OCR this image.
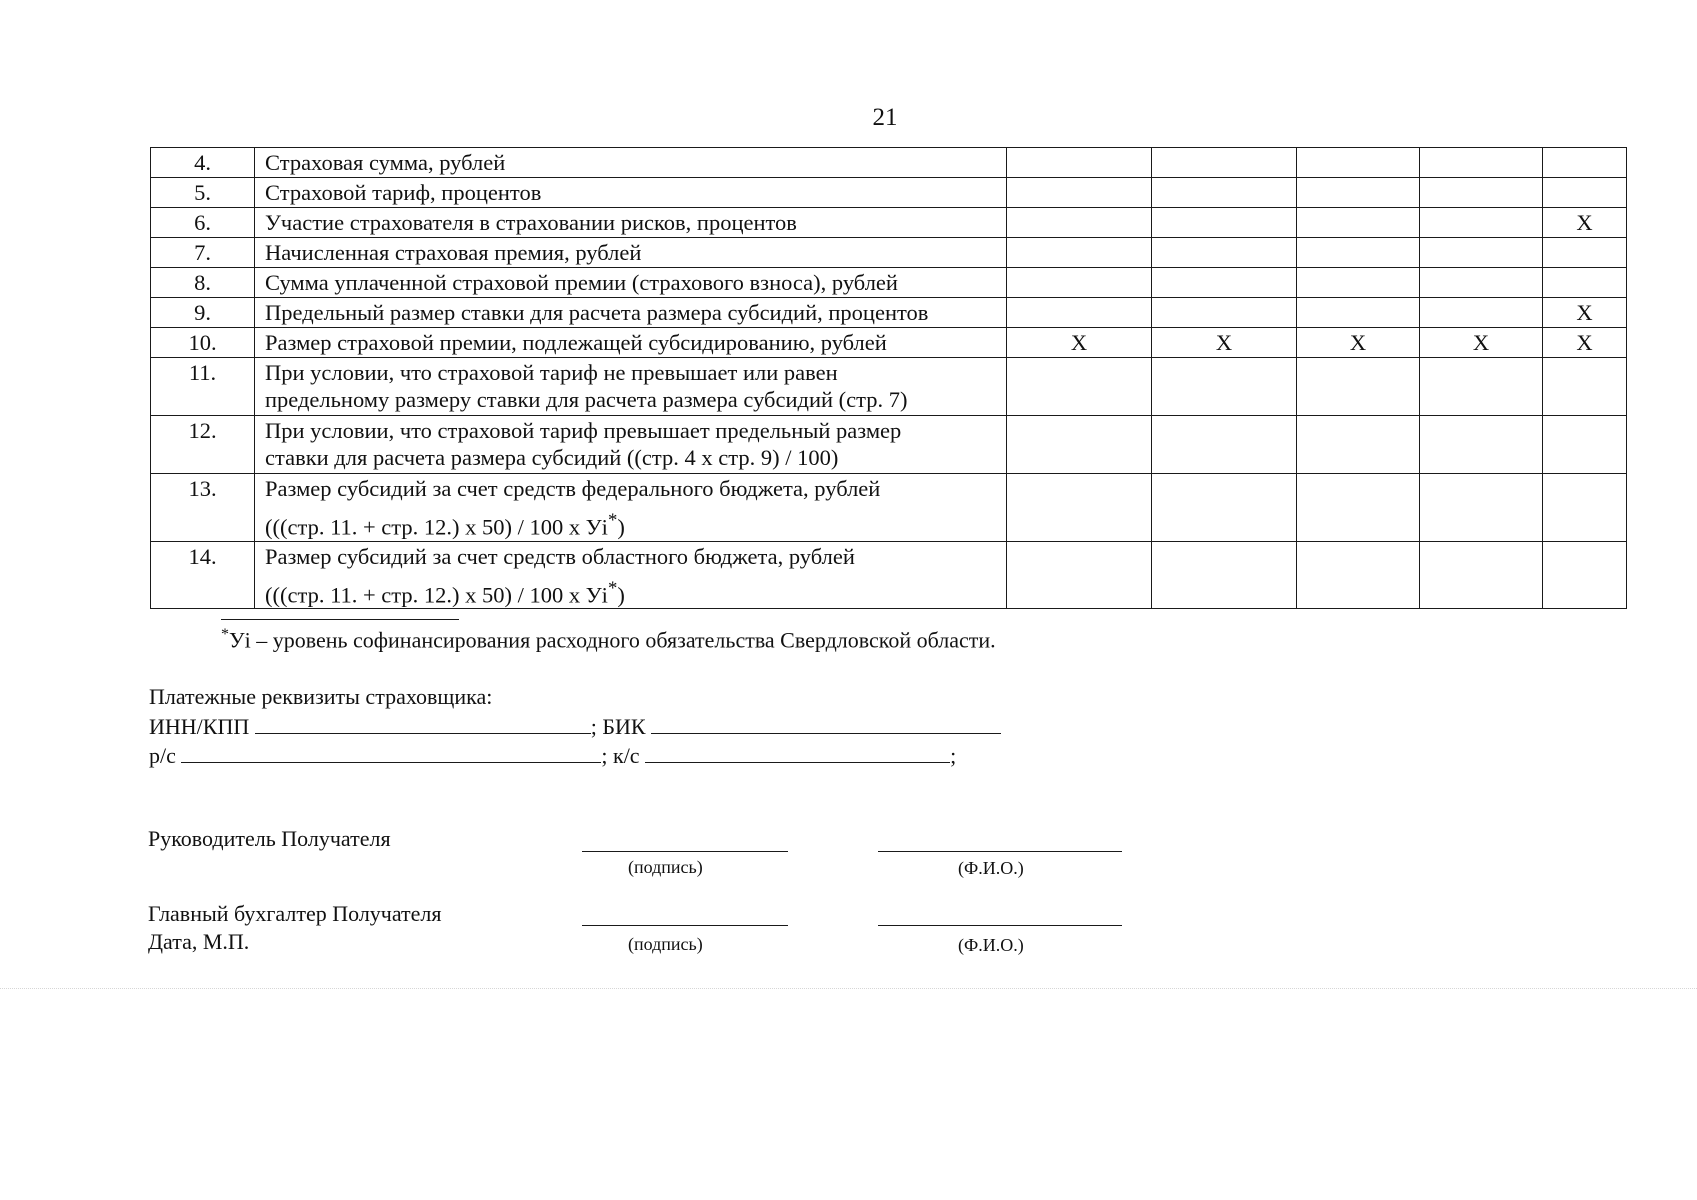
21
4.	Страховая сумма, рублей					
5.	Страховой тариф, процентов					
6.	Участие страхователя в страховании рисков, процентов					Х
7.	Начисленная страховая премия, рублей					
8.	Сумма уплаченной страховой премии (страхового взноса), рублей					
9.	Предельный размер ставки для расчета размера субсидий, процентов					Х
10.	Размер страховой премии, подлежащей субсидированию, рублей	Х	Х	Х	Х	Х
11.	При условии, что страховой тариф не превышает или равен
предельному размеру ставки для расчета размера субсидий (стр. 7)					
12.	При условии, что страховой тариф превышает предельный размер
ставки для расчета размера субсидий ((стр. 4 х стр. 9) / 100)					
13.	Размер субсидий за счет средств федерального бюджета, рублей
(((стр. 11. + стр. 12.) х 50) / 100 х Уi*)					
14.	Размер субсидий за счет средств областного бюджета, рублей
(((стр. 11. + стр. 12.) х 50) / 100 х Уi*)					
*Уi – уровень софинансирования расходного обязательства Свердловской области.
Платежные реквизиты страховщика:
ИНН/КПП	; БИК
р/с	; к/с	;
Руководитель Получателя
(подпись)	(Ф.И.О.)
Главный бухгалтер Получателя
Дата, М.П.	(подпись)	(Ф.И.О.)
